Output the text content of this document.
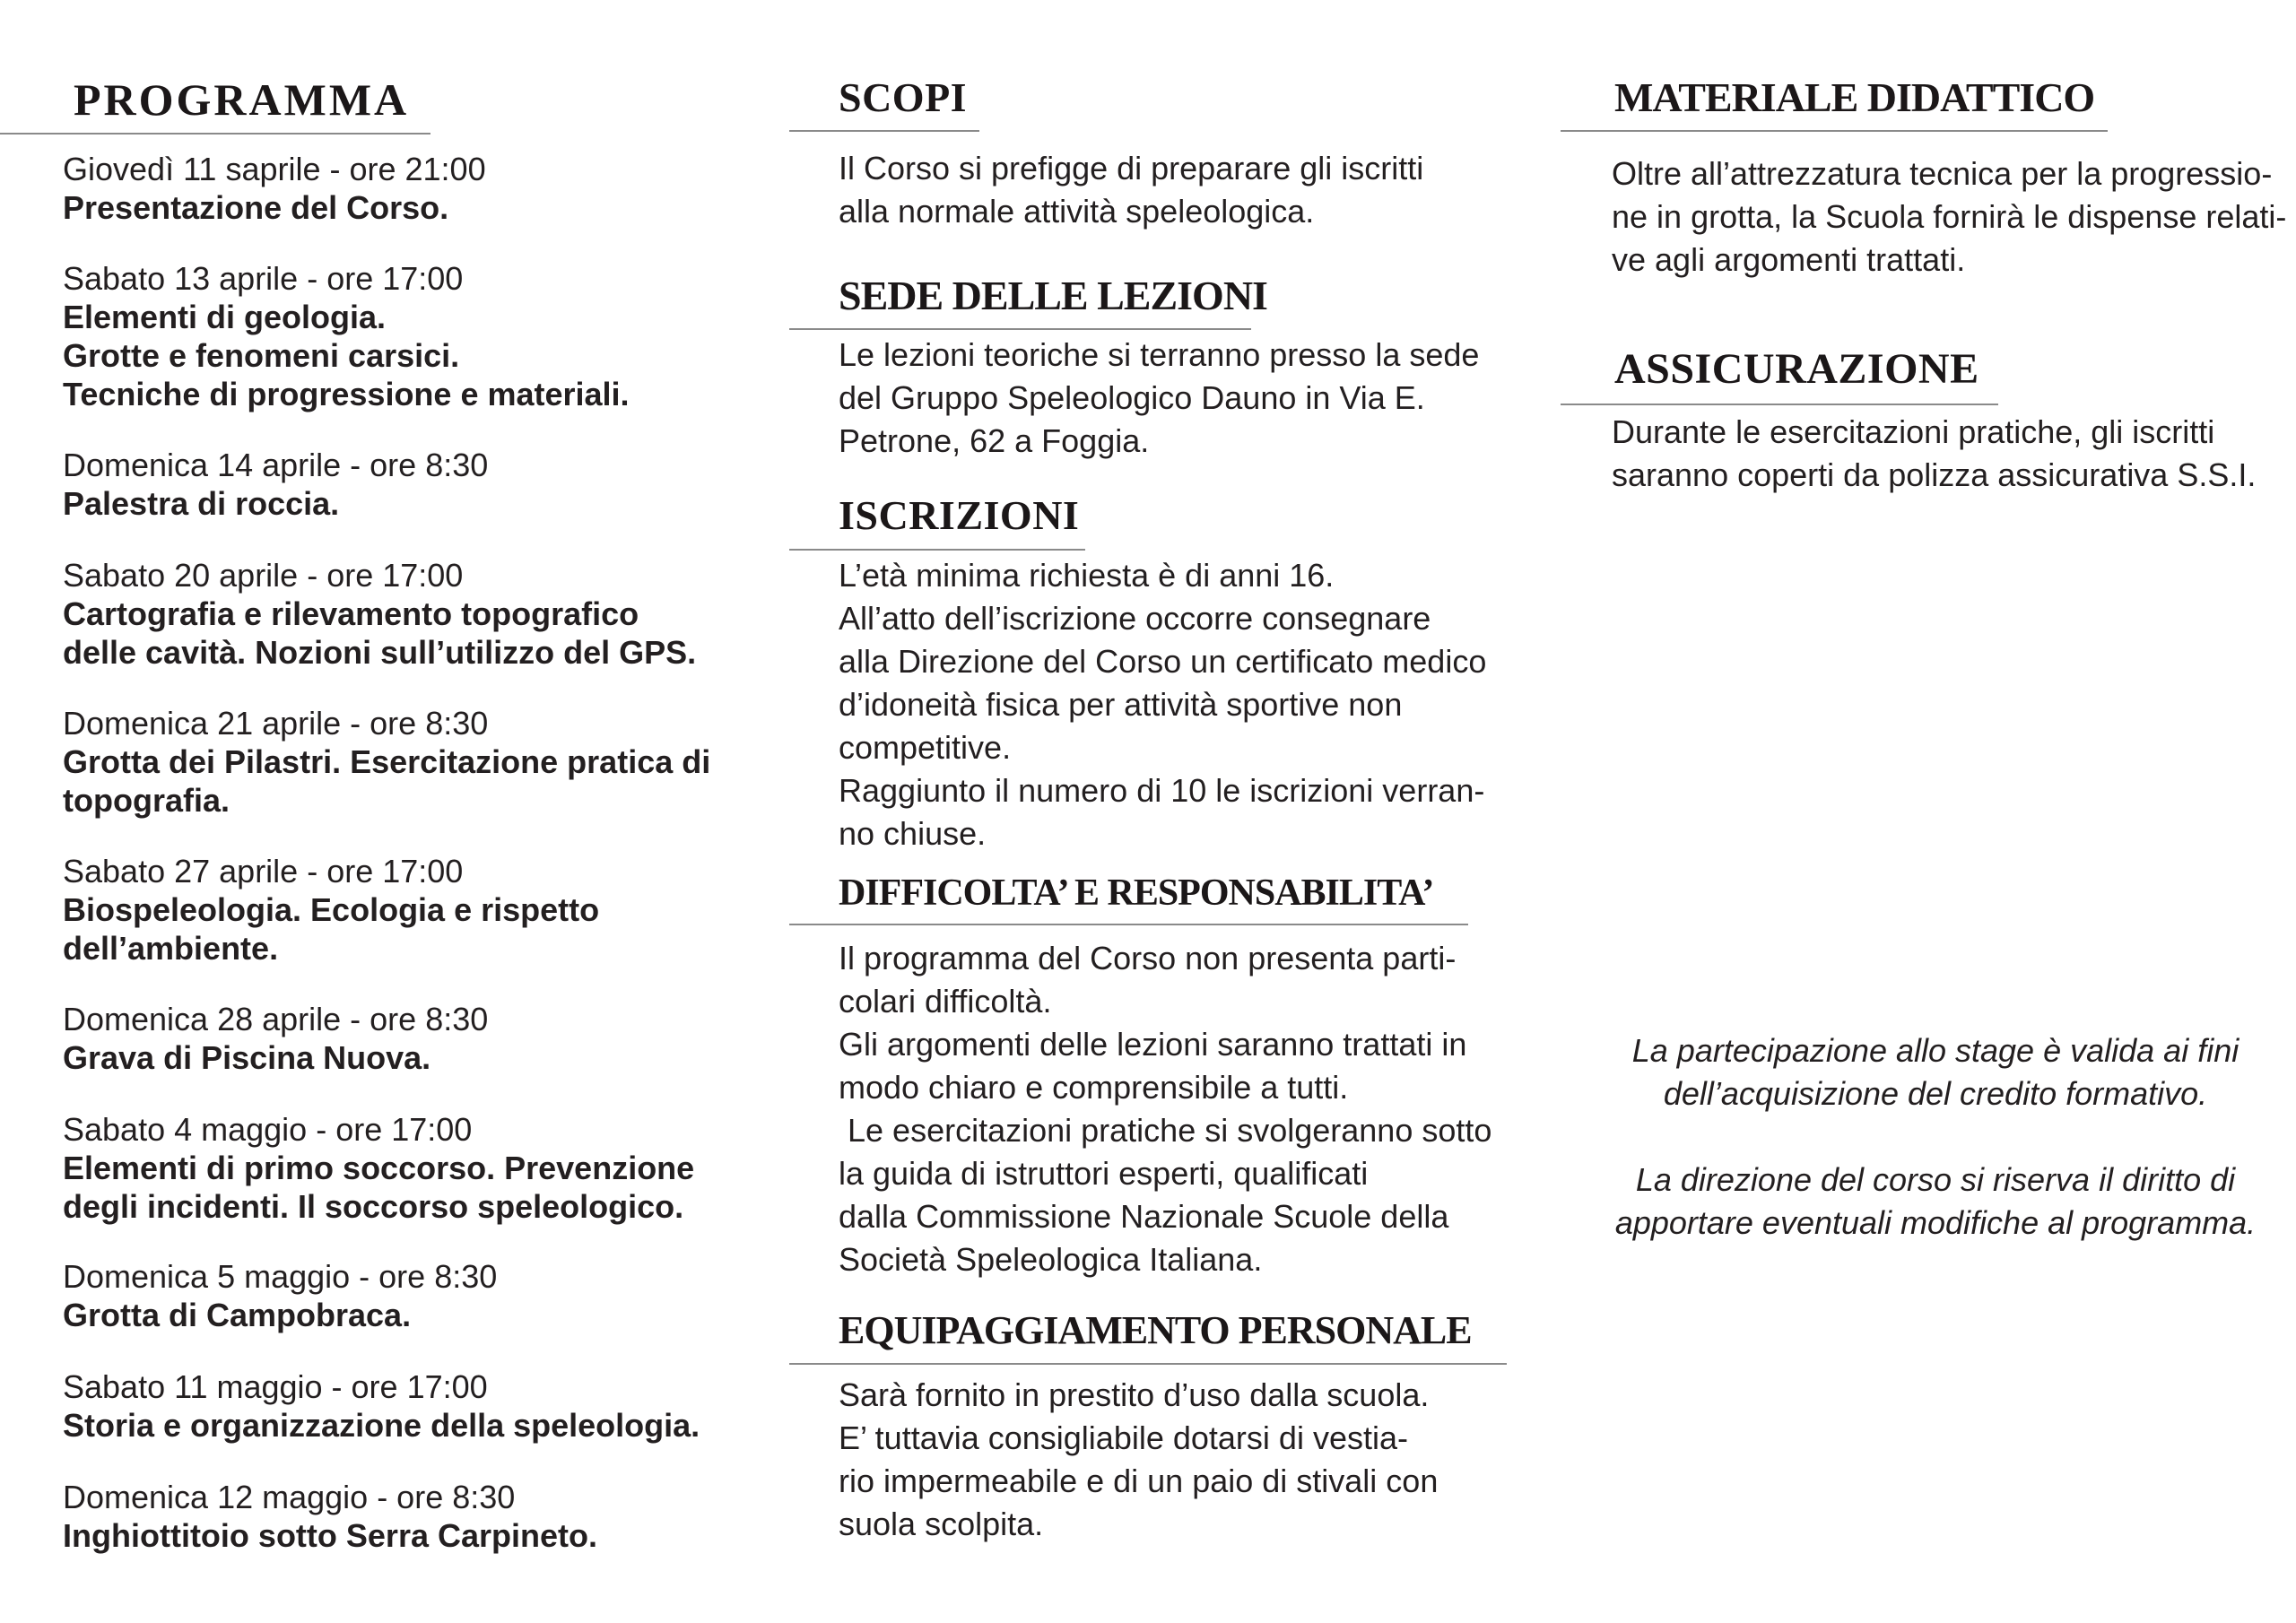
PROGRAMMA
Giovedì 11 saprile - ore 21:00
Presentazione del Corso.
Sabato 13 aprile - ore 17:00
Elementi di geologia.
Grotte e fenomeni carsici.
Tecniche di progressione e materiali.
Domenica 14 aprile - ore 8:30
Palestra di roccia.
Sabato 20 aprile - ore 17:00
Cartografia e rilevamento topografico
delle cavità. Nozioni sull’utilizzo del GPS.
Domenica 21 aprile - ore 8:30
Grotta dei Pilastri. Esercitazione pratica di
topografia.
Sabato 27 aprile - ore 17:00
Biospeleologia. Ecologia e rispetto
dell’ambiente.
Domenica 28 aprile - ore 8:30
Grava di Piscina Nuova.
Sabato 4 maggio - ore 17:00
Elementi di primo soccorso. Prevenzione
degli incidenti. Il soccorso speleologico.
Domenica 5 maggio - ore 8:30
Grotta di Campobraca.
Sabato 11 maggio - ore 17:00
Storia e organizzazione della speleologia.
Domenica 12 maggio - ore 8:30
Inghiottitoio sotto Serra Carpineto.
SCOPI
Il Corso si prefigge di preparare gli iscritti
alla normale attività speleologica.
SEDE DELLE LEZIONI
Le lezioni teoriche si terranno presso la sede
del Gruppo Speleologico Dauno in Via E.
Petrone, 62 a Foggia.
ISCRIZIONI
L’età minima richiesta è di anni 16.
All’atto dell’iscrizione occorre consegnare
alla Direzione del Corso un certificato medico
d’idoneità fisica per attività sportive non
competitive.
Raggiunto il numero di 10 le iscrizioni verran-
no chiuse.
DIFFICOLTA’ E RESPONSABILITA’
Il programma del Corso non presenta parti-
colari difficoltà.
Gli argomenti delle lezioni saranno trattati in
modo chiaro e comprensibile a tutti.
Le esercitazioni pratiche si svolgeranno sotto
la guida di istruttori esperti, qualificati
dalla Commissione Nazionale Scuole della
Società Speleologica Italiana.
EQUIPAGGIAMENTO PERSONALE
Sarà fornito in prestito d’uso dalla scuola.
E’ tuttavia consigliabile dotarsi di vestia-
rio impermeabile e di un paio di stivali con
suola scolpita.
MATERIALE DIDATTICO
Oltre all’attrezzatura tecnica per la progressio-
ne in grotta, la Scuola fornirà le dispense relati-
ve agli argomenti trattati.
ASSICURAZIONE
Durante le esercitazioni pratiche, gli iscritti
saranno coperti da polizza assicurativa S.S.I.
La partecipazione allo stage è valida ai fini
dell’acquisizione del credito formativo.
La direzione del corso si riserva il diritto di
apportare eventuali modifiche al programma.
